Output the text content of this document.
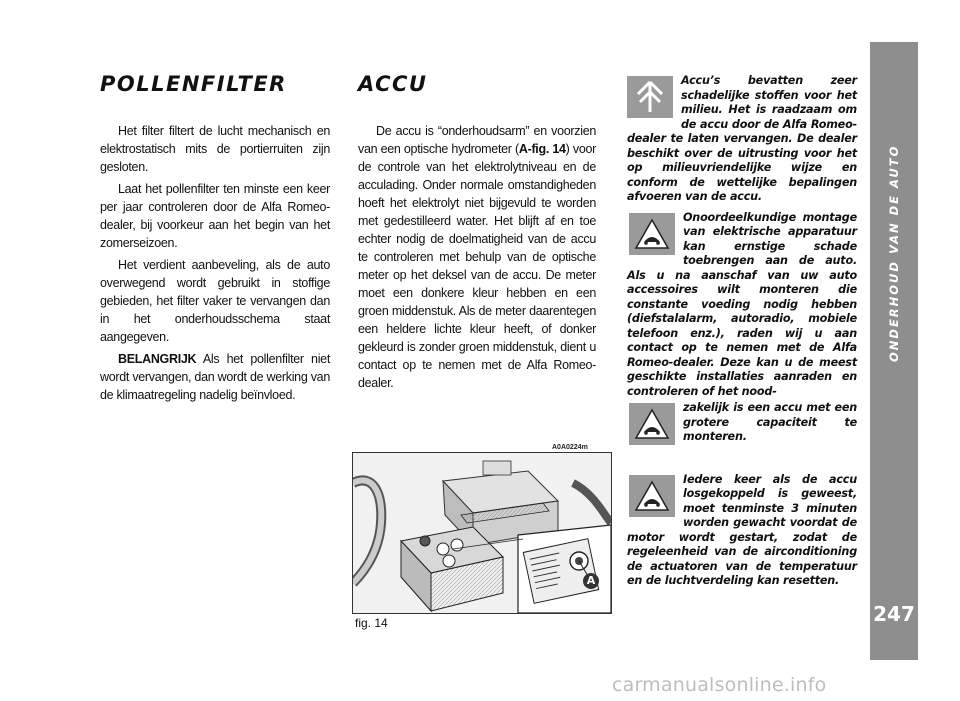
POLLENFILTER

Het filter filtert de lucht mechanisch en elektrostatisch mits de portierruiten zijn gesloten.

Laat het pollenfilter ten minste een keer per jaar controleren door de Alfa Romeo-dealer, bij voorkeur aan het begin van het zomerseizoen.

Het verdient aanbeveling, als de auto overwegend wordt gebruikt in stoffige gebieden, het filter vaker te vervangen dan in het onderhoudsschema staat aangegeven.

BELANGRIJK Als het pollenfilter niet wordt vervangen, dan wordt de werking van de klimaatregeling nadelig beïnvloed.

ACCU

De accu is “onderhoudsarm” en voorzien van een optische hydrometer (A-fig. 14) voor de controle van het elektrolytniveau en de acculading. Onder normale omstandigheden hoeft het elektrolyt niet bijgevuld te worden met gedestilleerd water. Het blijft af en toe echter nodig de doelmatigheid van de accu te controleren met behulp van de optische meter op het deksel van de accu. De meter moet een donkere kleur hebben en een groen middenstuk. Als de meter daarentegen een heldere lichte kleur heeft, of donker gekleurd is zonder groen middenstuk, dient u contact op te nemen met de Alfa Romeo-dealer.

A0A0224m
A
fig. 14
Accu’s bevatten zeer schadelijke stoffen voor het milieu. Het is raadzaam om de accu door de Alfa Romeo-dealer te laten vervangen. De dealer beschikt over de uitrusting voor het op milieuvriendelijke wijze en conform de wettelijke bepalingen afvoeren van de accu.
Onoordeelkundige montage van elektrische apparatuur kan ernstige schade toebrengen aan de auto. Als u na aanschaf van uw auto accessoires wilt monteren die constante voeding nodig hebben (diefstalalarm, autoradio, mobiele telefoon enz.), raden wij u aan contact op te nemen met de Alfa Romeo-dealer. Deze kan u de meest geschikte installaties aanraden en controleren of het nood-
zakelijk is een accu met een grotere capaciteit te monteren.
Iedere keer als de accu losgekoppeld is geweest, moet tenminste 3 minuten worden gewacht voordat de motor wordt gestart, zodat de regeleenheid van de airconditioning de actuatoren van de temperatuur en de luchtverdeling kan resetten.
ONDERHOUD VAN DE AUTO
247
carmanualsonline.info
